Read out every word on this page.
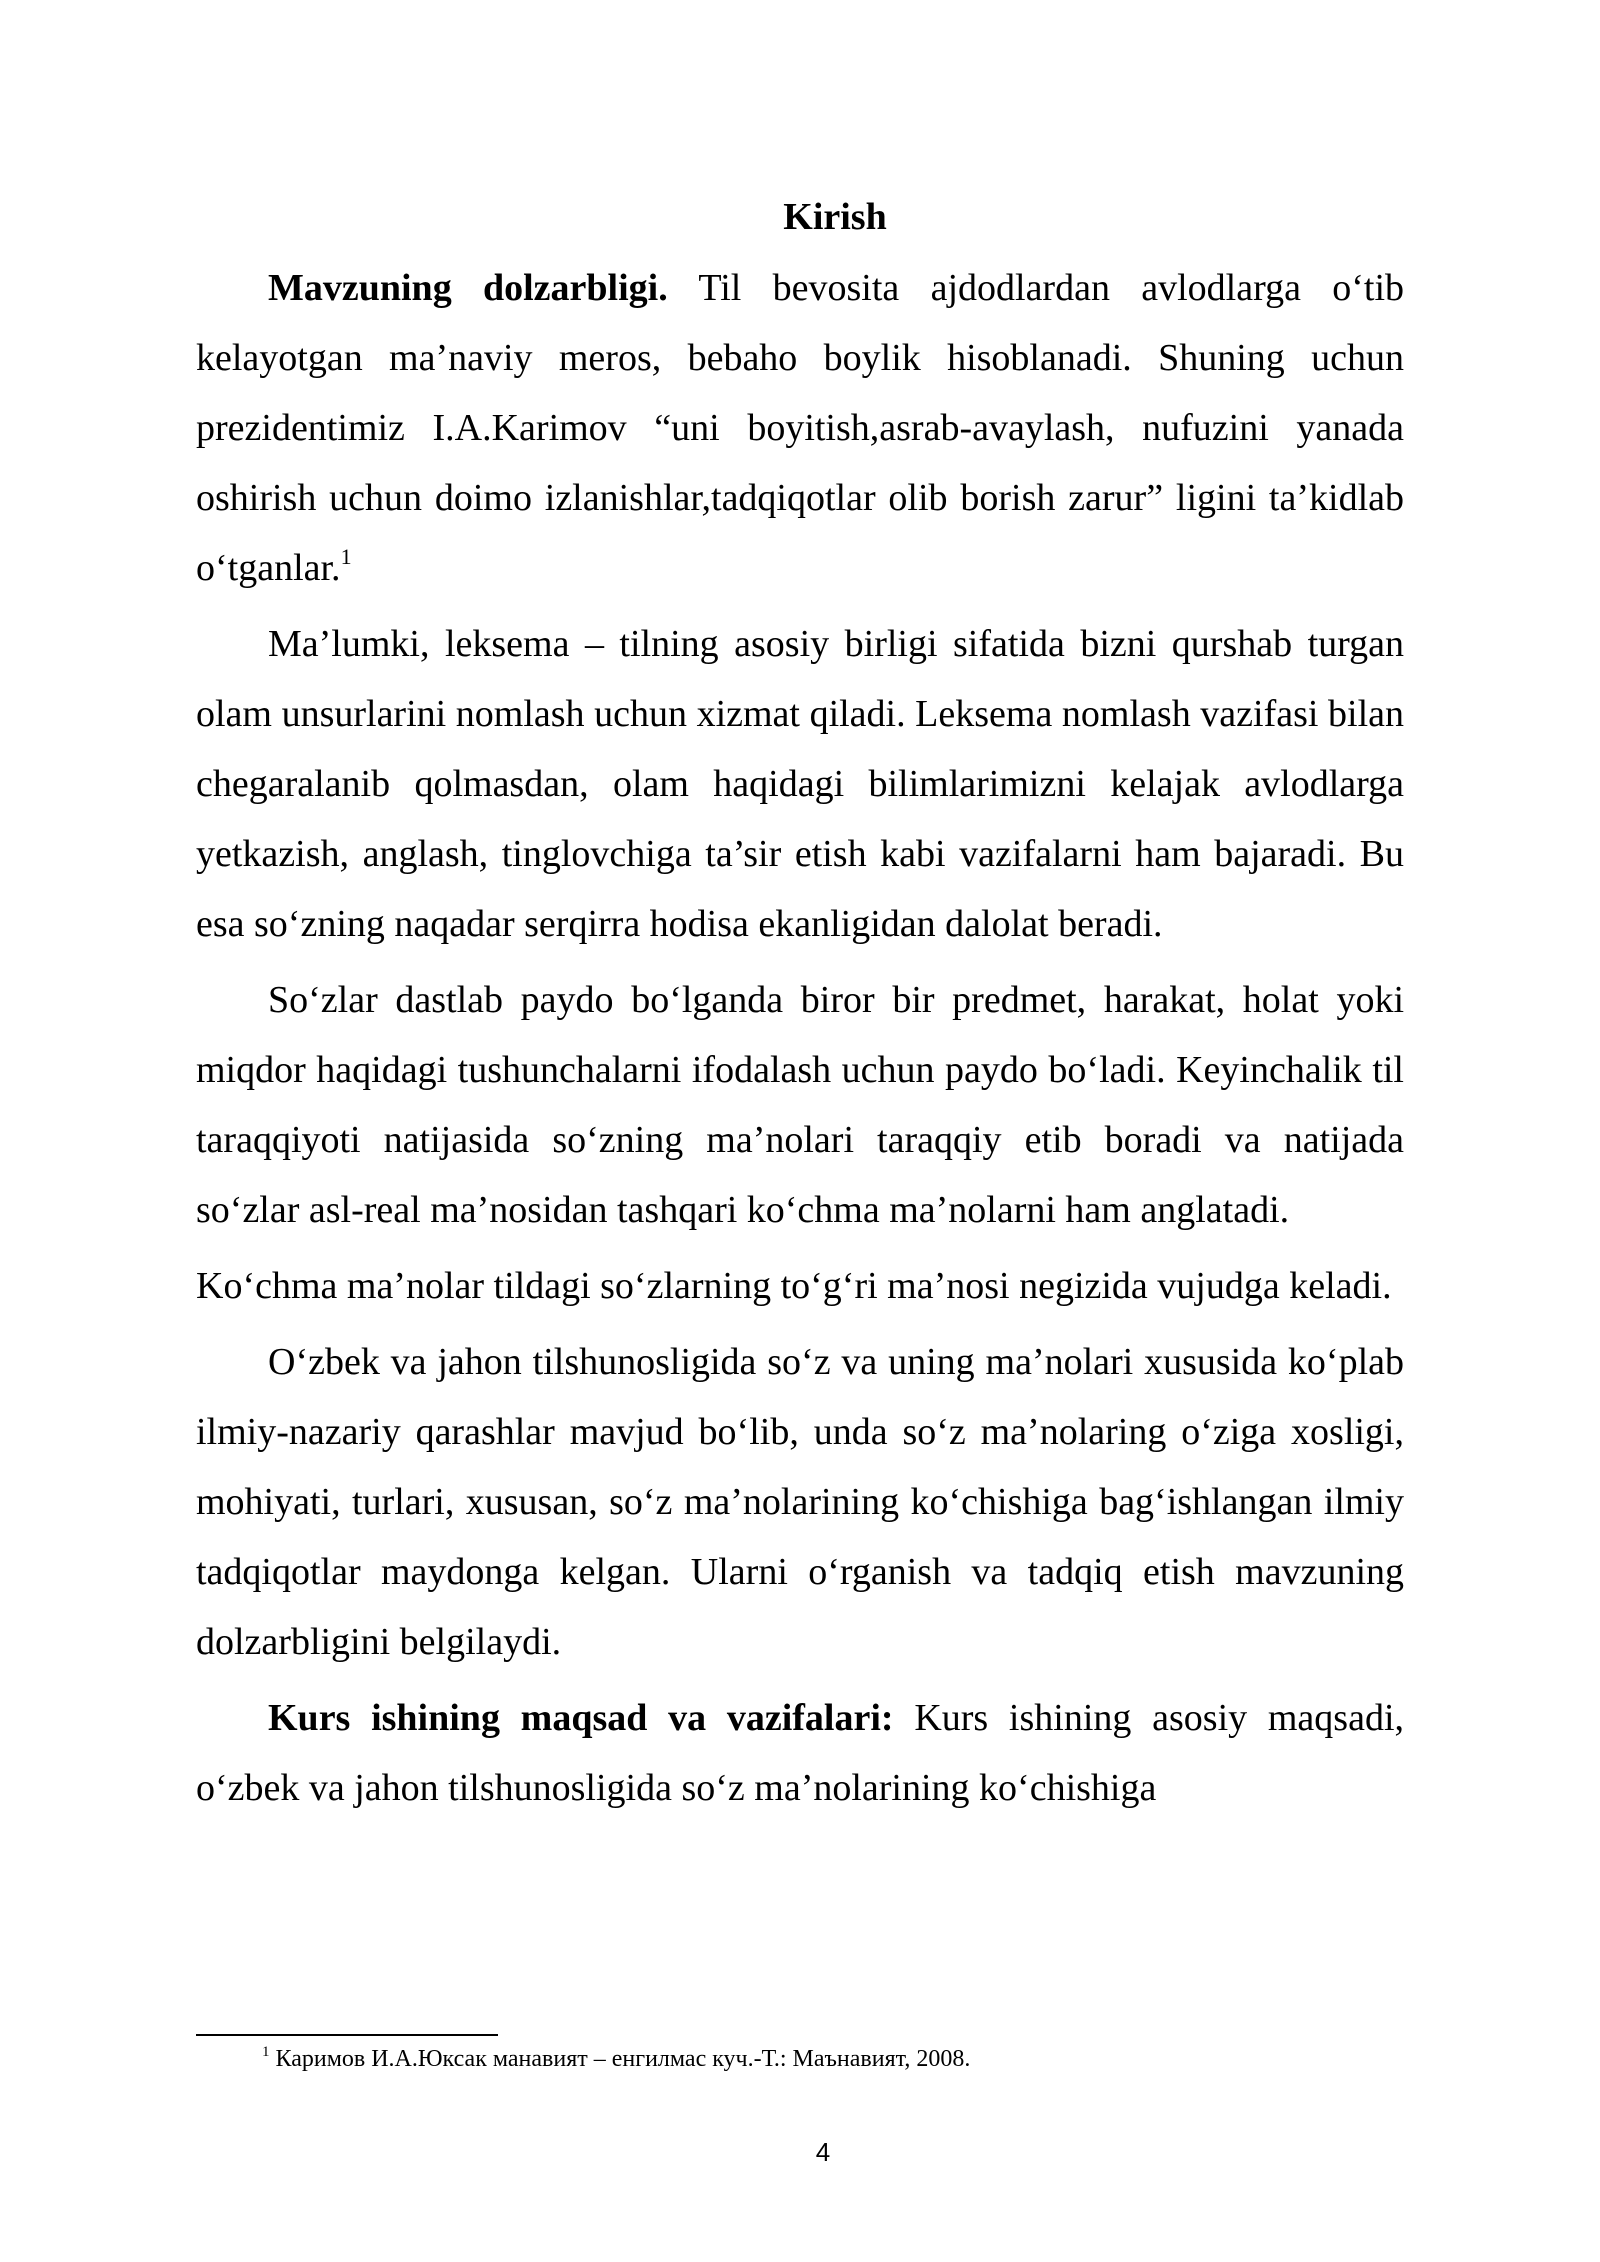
Kirish

Mavzuning dolzarbligi. Til bevosita ajdodlardan avlodlarga o‘tib kelayotgan ma’naviy meros, bebaho boylik hisoblanadi. Shuning uchun prezidentimiz I.A.Karimov “uni boyitish,asrab-avaylash, nufuzini yanada oshirish uchun doimo izlanishlar,tadqiqotlar olib borish zarur” ligini ta’kidlab o‘tganlar.$^1$

Ma’lumki, leksema – tilning asosiy birligi sifatida bizni qurshab turgan olam unsurlarini nomlash uchun xizmat qiladi. Leksema nomlash vazifasi bilan chegaralanib qolmasdan, olam haqidagi bilimlarimizni kelajak avlodlarga yetkazish, anglash, tinglovchiga ta’sir etish kabi vazifalarni ham bajaradi. Bu esa so‘zning naqadar serqirra hodisa ekanligidan dalolat beradi.

So‘zlar dastlab paydo bo‘lganda biror bir predmet, harakat, holat yoki miqdor haqidagi tushunchalarni ifodalash uchun paydo bo‘ladi. Keyinchalik til taraqqiyoti natijasida so‘zning ma’nolari taraqqiy etib boradi va natijada so‘zlar asl-real ma’nosidan tashqari ko‘chma ma’nolarni ham anglatadi.

Ko‘chma ma’nolar tildagi so‘zlarning to‘g‘ri ma’nosi negizida vujudga keladi.

O‘zbek va jahon tilshunosligida so‘z va uning ma’nolari xususida ko‘plab ilmiy-nazariy qarashlar mavjud bo‘lib, unda so‘z ma’nolaring o‘ziga xosligi, mohiyati, turlari, xususan, so‘z ma’nolarining ko‘chishiga bag‘ishlangan ilmiy tadqiqotlar maydonga kelgan. Ularni o‘rganish va tadqiq etish mavzuning dolzarbligini belgilaydi.

Kurs ishining maqsad va vazifalari: Kurs ishining asosiy maqsadi, o‘zbek va jahon tilshunosligida so‘z ma’nolarining ko‘chishiga

$^1$ Каримов И.А.Юксак манавият – енгилмас куч.-Т.: Маънавият, 2008.
4
